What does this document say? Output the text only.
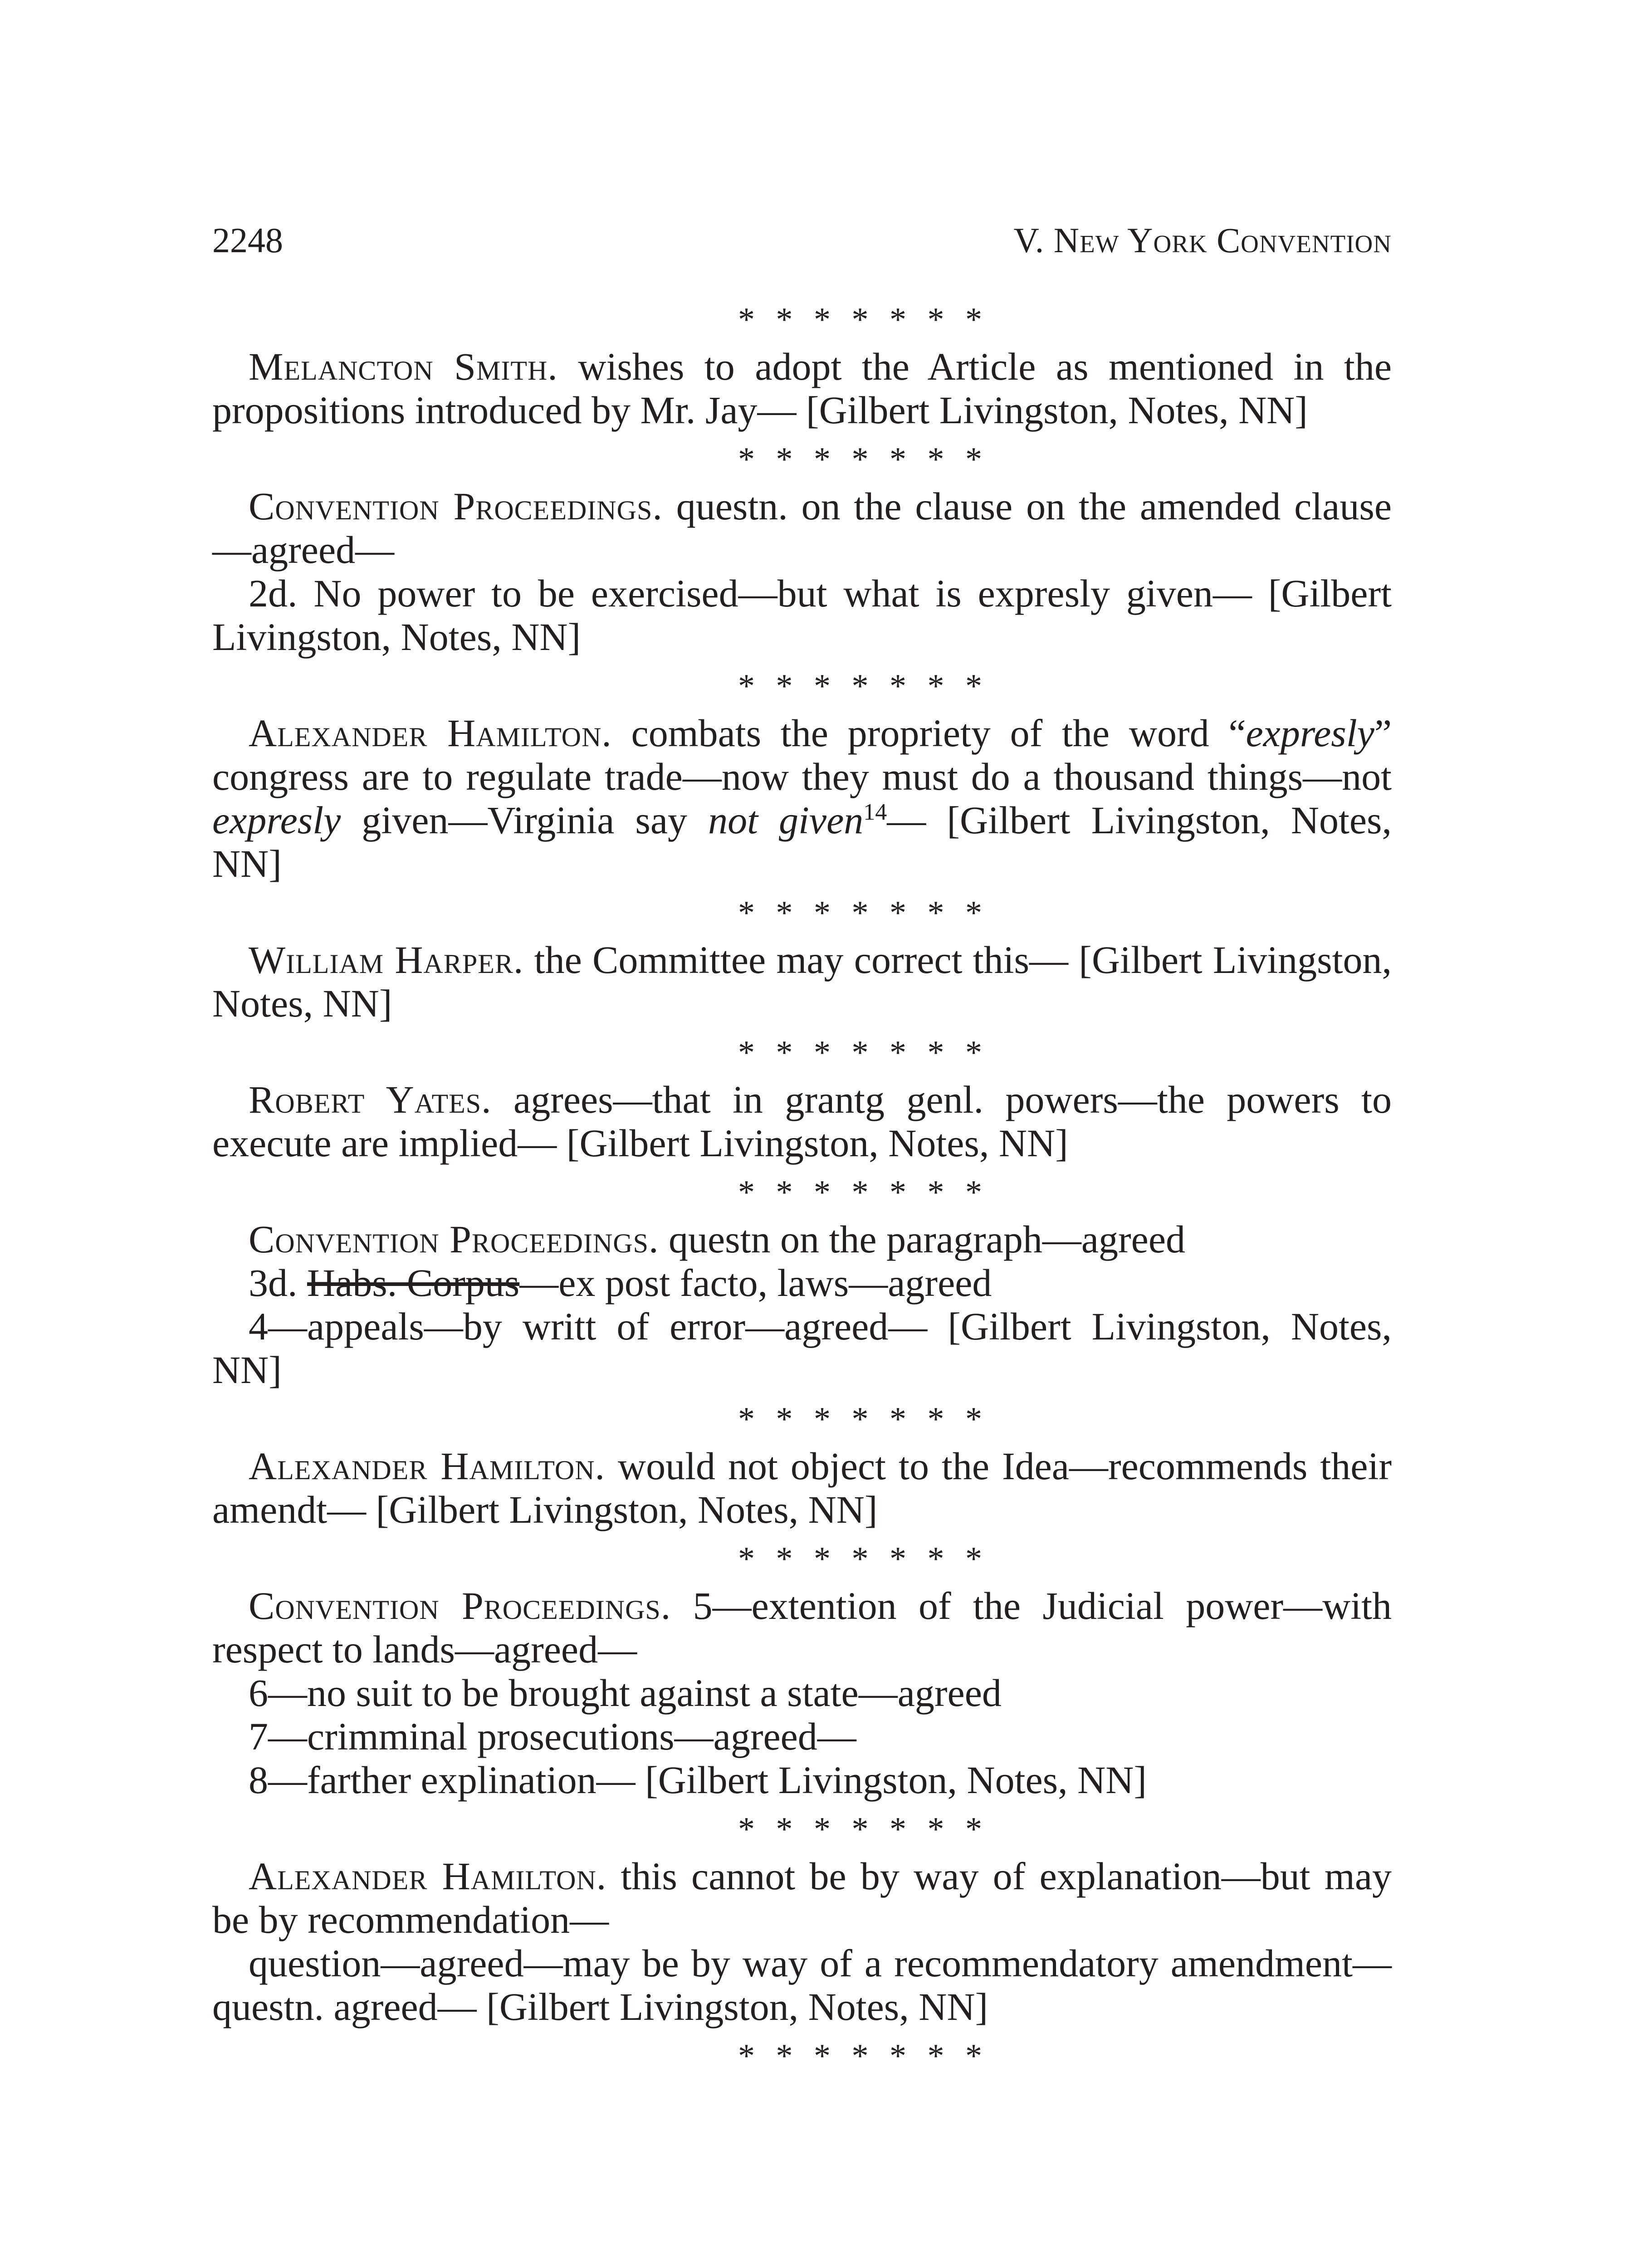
2248	V. New York Convention
* * * * * * *

Melancton Smith. wishes to adopt the Article as mentioned in the propositions introduced by Mr. Jay— [Gilbert Livingston, Notes, NN]

* * * * * * *

Convention Proceedings. questn. on the clause on the amended clause—agreed—

2d. No power to be exercised—but what is expresly given— [Gilbert Livingston, Notes, NN]

* * * * * * *

Alexander Hamilton. combats the propriety of the word “expresly” congress are to regulate trade—now they must do a thousand things—not expresly given—Virginia say not given$^{14}$— [Gilbert Livingston, Notes, NN]

* * * * * * *

William Harper. the Committee may correct this— [Gilbert Livingston, Notes, NN]

* * * * * * *

Robert Yates. agrees—that in grantg genl. powers—the powers to execute are implied— [Gilbert Livingston, Notes, NN]

* * * * * * *

Convention Proceedings. questn on the paragraph—agreed

3d. Habs. Corpus—ex post facto, laws—agreed

4—appeals—by writt of error—agreed— [Gilbert Livingston, Notes, NN]

* * * * * * *

Alexander Hamilton. would not object to the Idea—recommends their amendt— [Gilbert Livingston, Notes, NN]

* * * * * * *

Convention Proceedings. 5—extention of the Judicial power—with respect to lands—agreed—

6—no suit to be brought against a state—agreed

7—crimminal prosecutions—agreed—

8—farther explination— [Gilbert Livingston, Notes, NN]

* * * * * * *

Alexander Hamilton. this cannot be by way of explanation—but may be by recommendation—

question—agreed—may be by way of a recommendatory amendment—questn. agreed— [Gilbert Livingston, Notes, NN]

* * * * * * *
